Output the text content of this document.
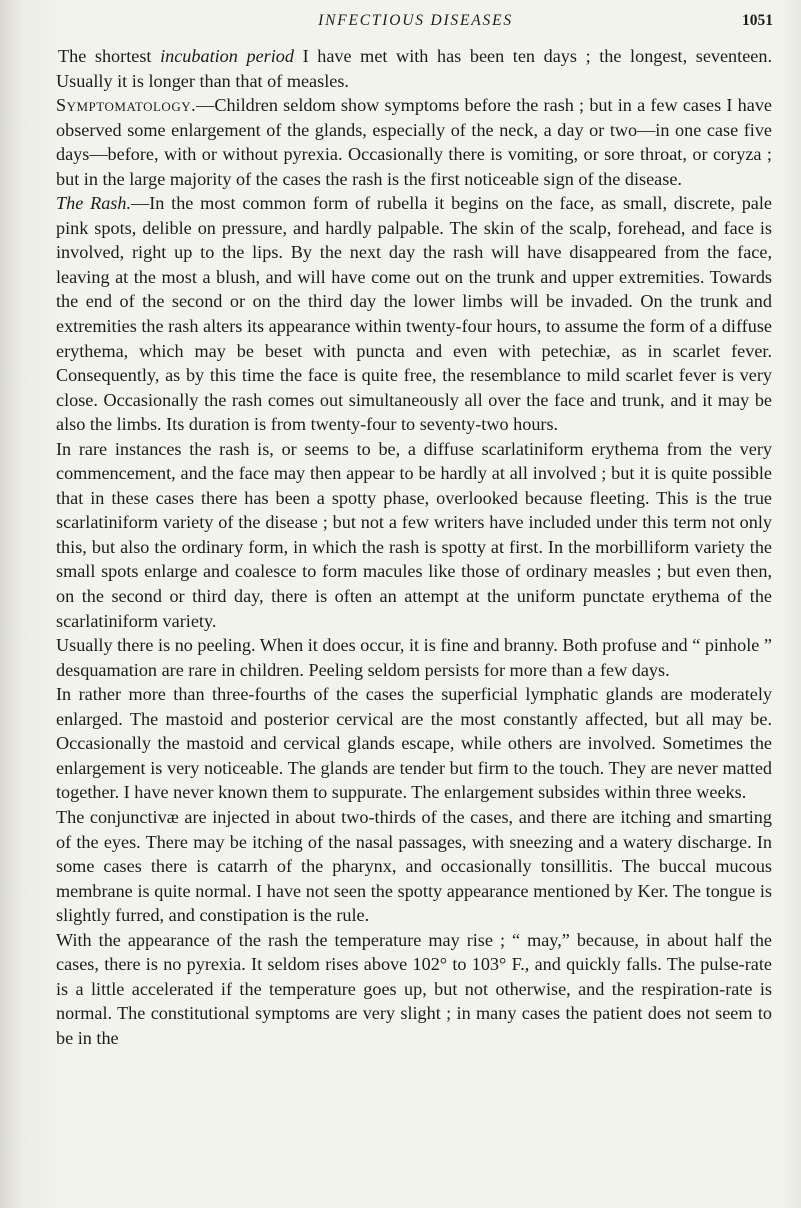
INFECTIOUS DISEASES	1051

The shortest incubation period I have met with has been ten days ; the longest, seventeen. Usually it is longer than that of measles.

Symptomatology.—Children seldom show symptoms before the rash ; but in a few cases I have observed some enlargement of the glands, especially of the neck, a day or two—in one case five days—before, with or without pyrexia. Occasionally there is vomiting, or sore throat, or coryza ; but in the large majority of the cases the rash is the first noticeable sign of the disease.

The Rash.—In the most common form of rubella it begins on the face, as small, discrete, pale pink spots, delible on pressure, and hardly palpable. The skin of the scalp, forehead, and face is involved, right up to the lips. By the next day the rash will have disappeared from the face, leaving at the most a blush, and will have come out on the trunk and upper extremities. Towards the end of the second or on the third day the lower limbs will be invaded. On the trunk and extremities the rash alters its appearance within twenty-four hours, to assume the form of a diffuse erythema, which may be beset with puncta and even with petechiæ, as in scarlet fever. Consequently, as by this time the face is quite free, the resemblance to mild scarlet fever is very close. Occasionally the rash comes out simultaneously all over the face and trunk, and it may be also the limbs. Its duration is from twenty-four to seventy-two hours.

In rare instances the rash is, or seems to be, a diffuse scarlatiniform erythema from the very commencement, and the face may then appear to be hardly at all involved ; but it is quite possible that in these cases there has been a spotty phase, overlooked because fleeting. This is the true scarlatiniform variety of the disease ; but not a few writers have included under this term not only this, but also the ordinary form, in which the rash is spotty at first. In the morbilliform variety the small spots enlarge and coalesce to form macules like those of ordinary measles ; but even then, on the second or third day, there is often an attempt at the uniform punctate erythema of the scarlatiniform variety.

Usually there is no peeling. When it does occur, it is fine and branny. Both profuse and “ pinhole ” desquamation are rare in children. Peeling seldom persists for more than a few days.

In rather more than three-fourths of the cases the superficial lymphatic glands are moderately enlarged. The mastoid and posterior cervical are the most constantly affected, but all may be. Occasionally the mastoid and cervical glands escape, while others are involved. Sometimes the enlargement is very noticeable. The glands are tender but firm to the touch. They are never matted together. I have never known them to suppurate. The enlargement subsides within three weeks.

The conjunctivæ are injected in about two-thirds of the cases, and there are itching and smarting of the eyes. There may be itching of the nasal passages, with sneezing and a watery discharge. In some cases there is catarrh of the pharynx, and occasionally tonsillitis. The buccal mucous membrane is quite normal. I have not seen the spotty appearance mentioned by Ker. The tongue is slightly furred, and constipation is the rule.

With the appearance of the rash the temperature may rise ; “ may,” because, in about half the cases, there is no pyrexia. It seldom rises above 102° to 103° F., and quickly falls. The pulse-rate is a little accelerated if the temperature goes up, but not otherwise, and the respiration-rate is normal. The constitutional symptoms are very slight ; in many cases the patient does not seem to be in the
